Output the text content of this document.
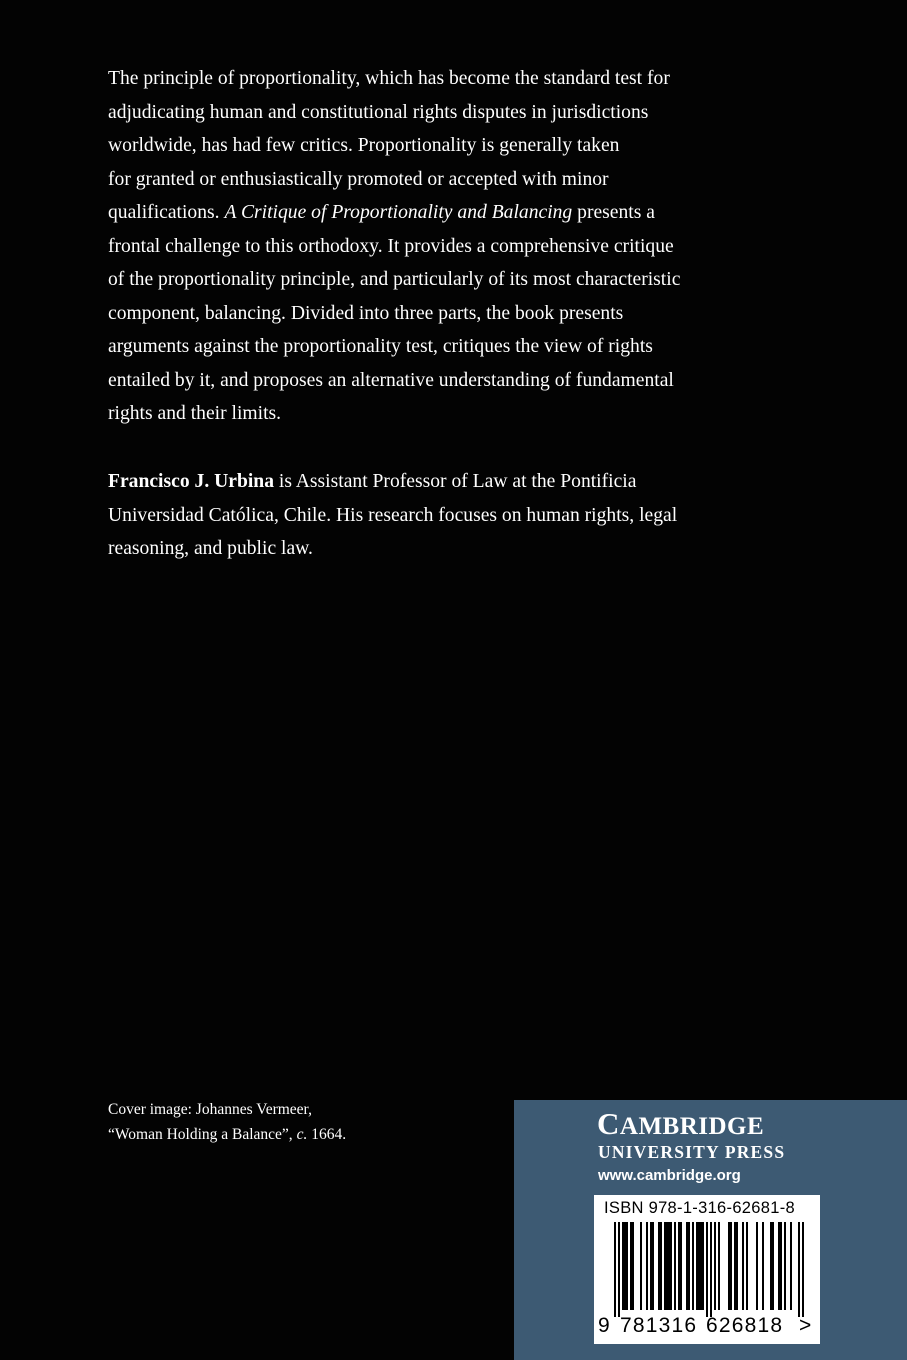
The principle of proportionality, which has become the standard test for
adjudicating human and constitutional rights disputes in jurisdictions
worldwide, has had few critics. Proportionality is generally taken
for granted or enthusiastically promoted or accepted with minor
qualifications. A Critique of Proportionality and Balancing presents a
frontal challenge to this orthodoxy. It provides a comprehensive critique
of the proportionality principle, and particularly of its most characteristic
component, balancing. Divided into three parts, the book presents
arguments against the proportionality test, critiques the view of rights
entailed by it, and proposes an alternative understanding of fundamental
rights and their limits.
Francisco J. Urbina is Assistant Professor of Law at the Pontificia
Universidad Católica, Chile. His research focuses on human rights, legal
reasoning, and public law.
Cover image: Johannes Vermeer,
“Woman Holding a Balance”, c. 1664.	CAMBRIDGE
UNIVERSITY PRESS
www.cambridge.org
ISBN 978-1-316-62681-8
9 781316 626818 >
